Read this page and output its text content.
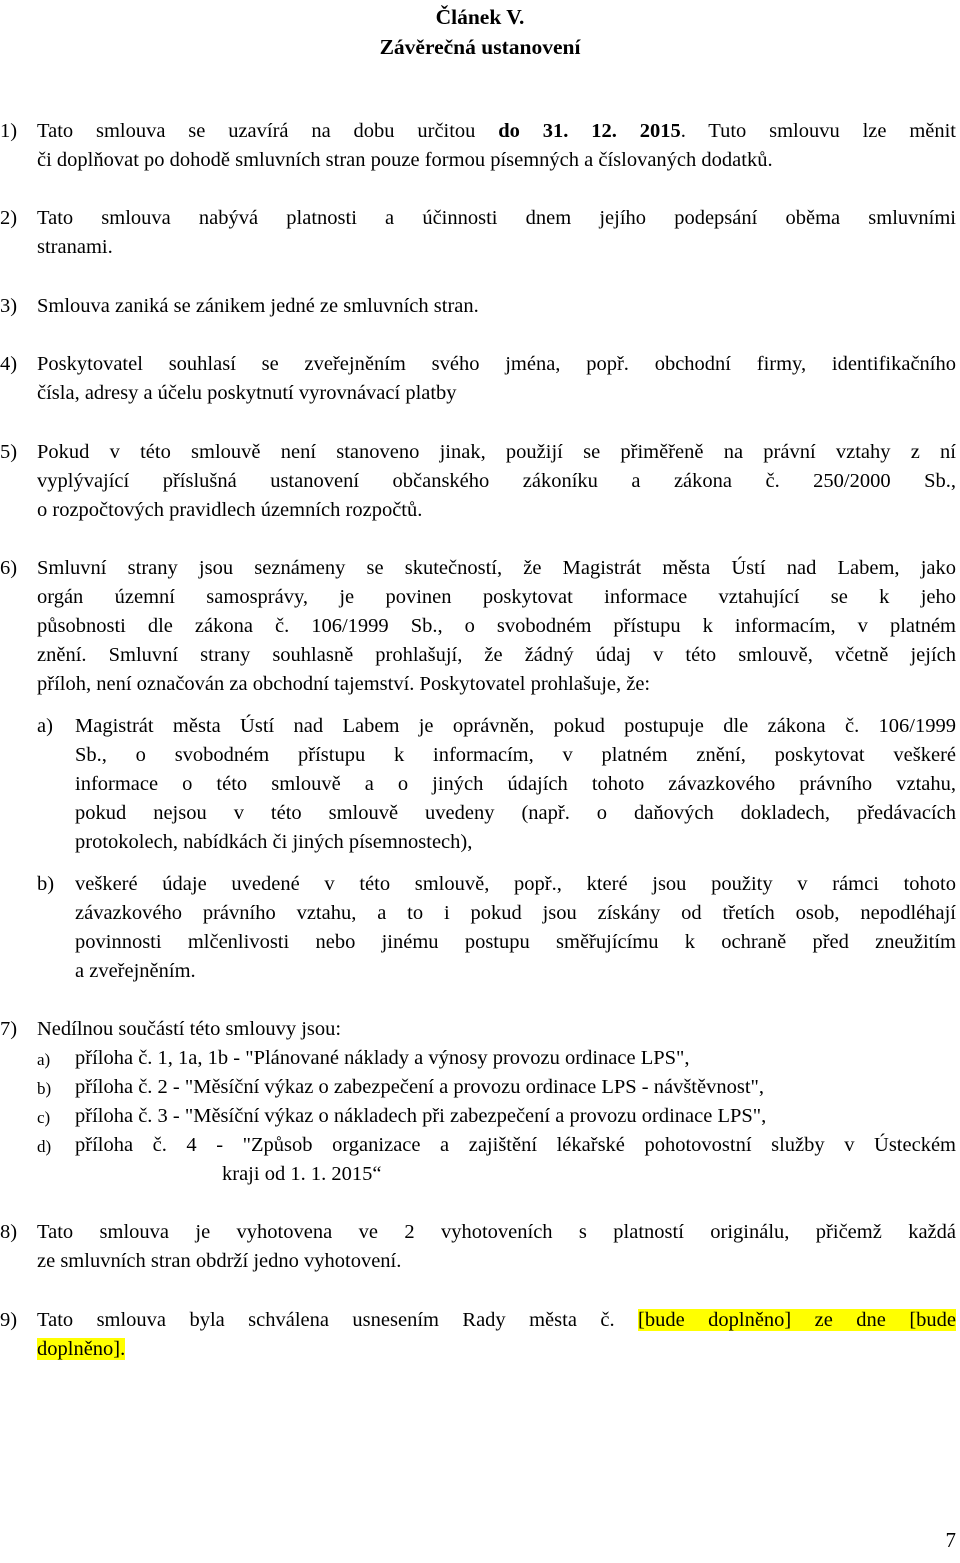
Článek V.
Závěrečná ustanovení
1) Tato smlouva se uzavírá na dobu určitou do 31. 12. 2015. Tuto smlouvu lze měnit
či doplňovat po dohodě smluvních stran pouze formou písemných a číslovaných dodatků.
2) Tato smlouva nabývá platnosti a účinnosti dnem jejího podepsání oběma smluvními
stranami.
3) Smlouva zaniká se zánikem jedné ze smluvních stran.
4) Poskytovatel souhlasí se zveřejněním svého jména, popř. obchodní firmy, identifikačního
čísla, adresy a účelu poskytnutí vyrovnávací platby
5) Pokud v této smlouvě není stanoveno jinak, použijí se přiměřeně na právní vztahy z ní
vyplývající příslušná ustanovení občanského zákoníku a zákona č. 250/2000 Sb.,
o rozpočtových pravidlech územních rozpočtů.
6) Smluvní strany jsou seznámeny se skutečností, že Magistrát města Ústí nad Labem, jako
orgán územní samosprávy, je povinen poskytovat informace vztahující se k jeho
působnosti dle zákona č. 106/1999 Sb., o svobodném přístupu k informacím, v platném
znění. Smluvní strany souhlasně prohlašují, že žádný údaj v této smlouvě, včetně jejích
příloh, není označován za obchodní tajemství. Poskytovatel prohlašuje, že:
a) Magistrát města Ústí nad Labem je oprávněn, pokud postupuje dle zákona č. 106/1999
Sb., o svobodném přístupu k informacím, v platném znění, poskytovat veškeré
informace o této smlouvě a o jiných údajích tohoto závazkového právního vztahu,
pokud nejsou v této smlouvě uvedeny (např. o daňových dokladech, předávacích
protokolech, nabídkách či jiných písemnostech),
b) veškeré údaje uvedené v této smlouvě, popř., které jsou použity v rámci tohoto
závazkového právního vztahu, a to i pokud jsou získány od třetích osob, nepodléhají
povinnosti mlčenlivosti nebo jinému postupu směřujícímu k ochraně před zneužitím
a zveřejněním.
7) Nedílnou součástí této smlouvy jsou:
a) příloha č. 1, 1a, 1b - "Plánované náklady a výnosy provozu ordinace LPS",
b) příloha č. 2 - "Měsíční výkaz o zabezpečení a provozu ordinace LPS - návštěvnost",
c) příloha č. 3 - "Měsíční výkaz o nákladech při zabezpečení a provozu ordinace LPS",
d) příloha č. 4 - "Způsob organizace a zajištění lékařské pohotovostní služby v Ústeckém
kraji od 1. 1. 2015“
8) Tato smlouva je vyhotovena ve 2 vyhotoveních s platností originálu, přičemž každá
ze smluvních stran obdrží jedno vyhotovení.
9) Tato smlouva byla schválena usnesením Rady města č. [bude doplněno] ze dne [bude
doplněno].
7
